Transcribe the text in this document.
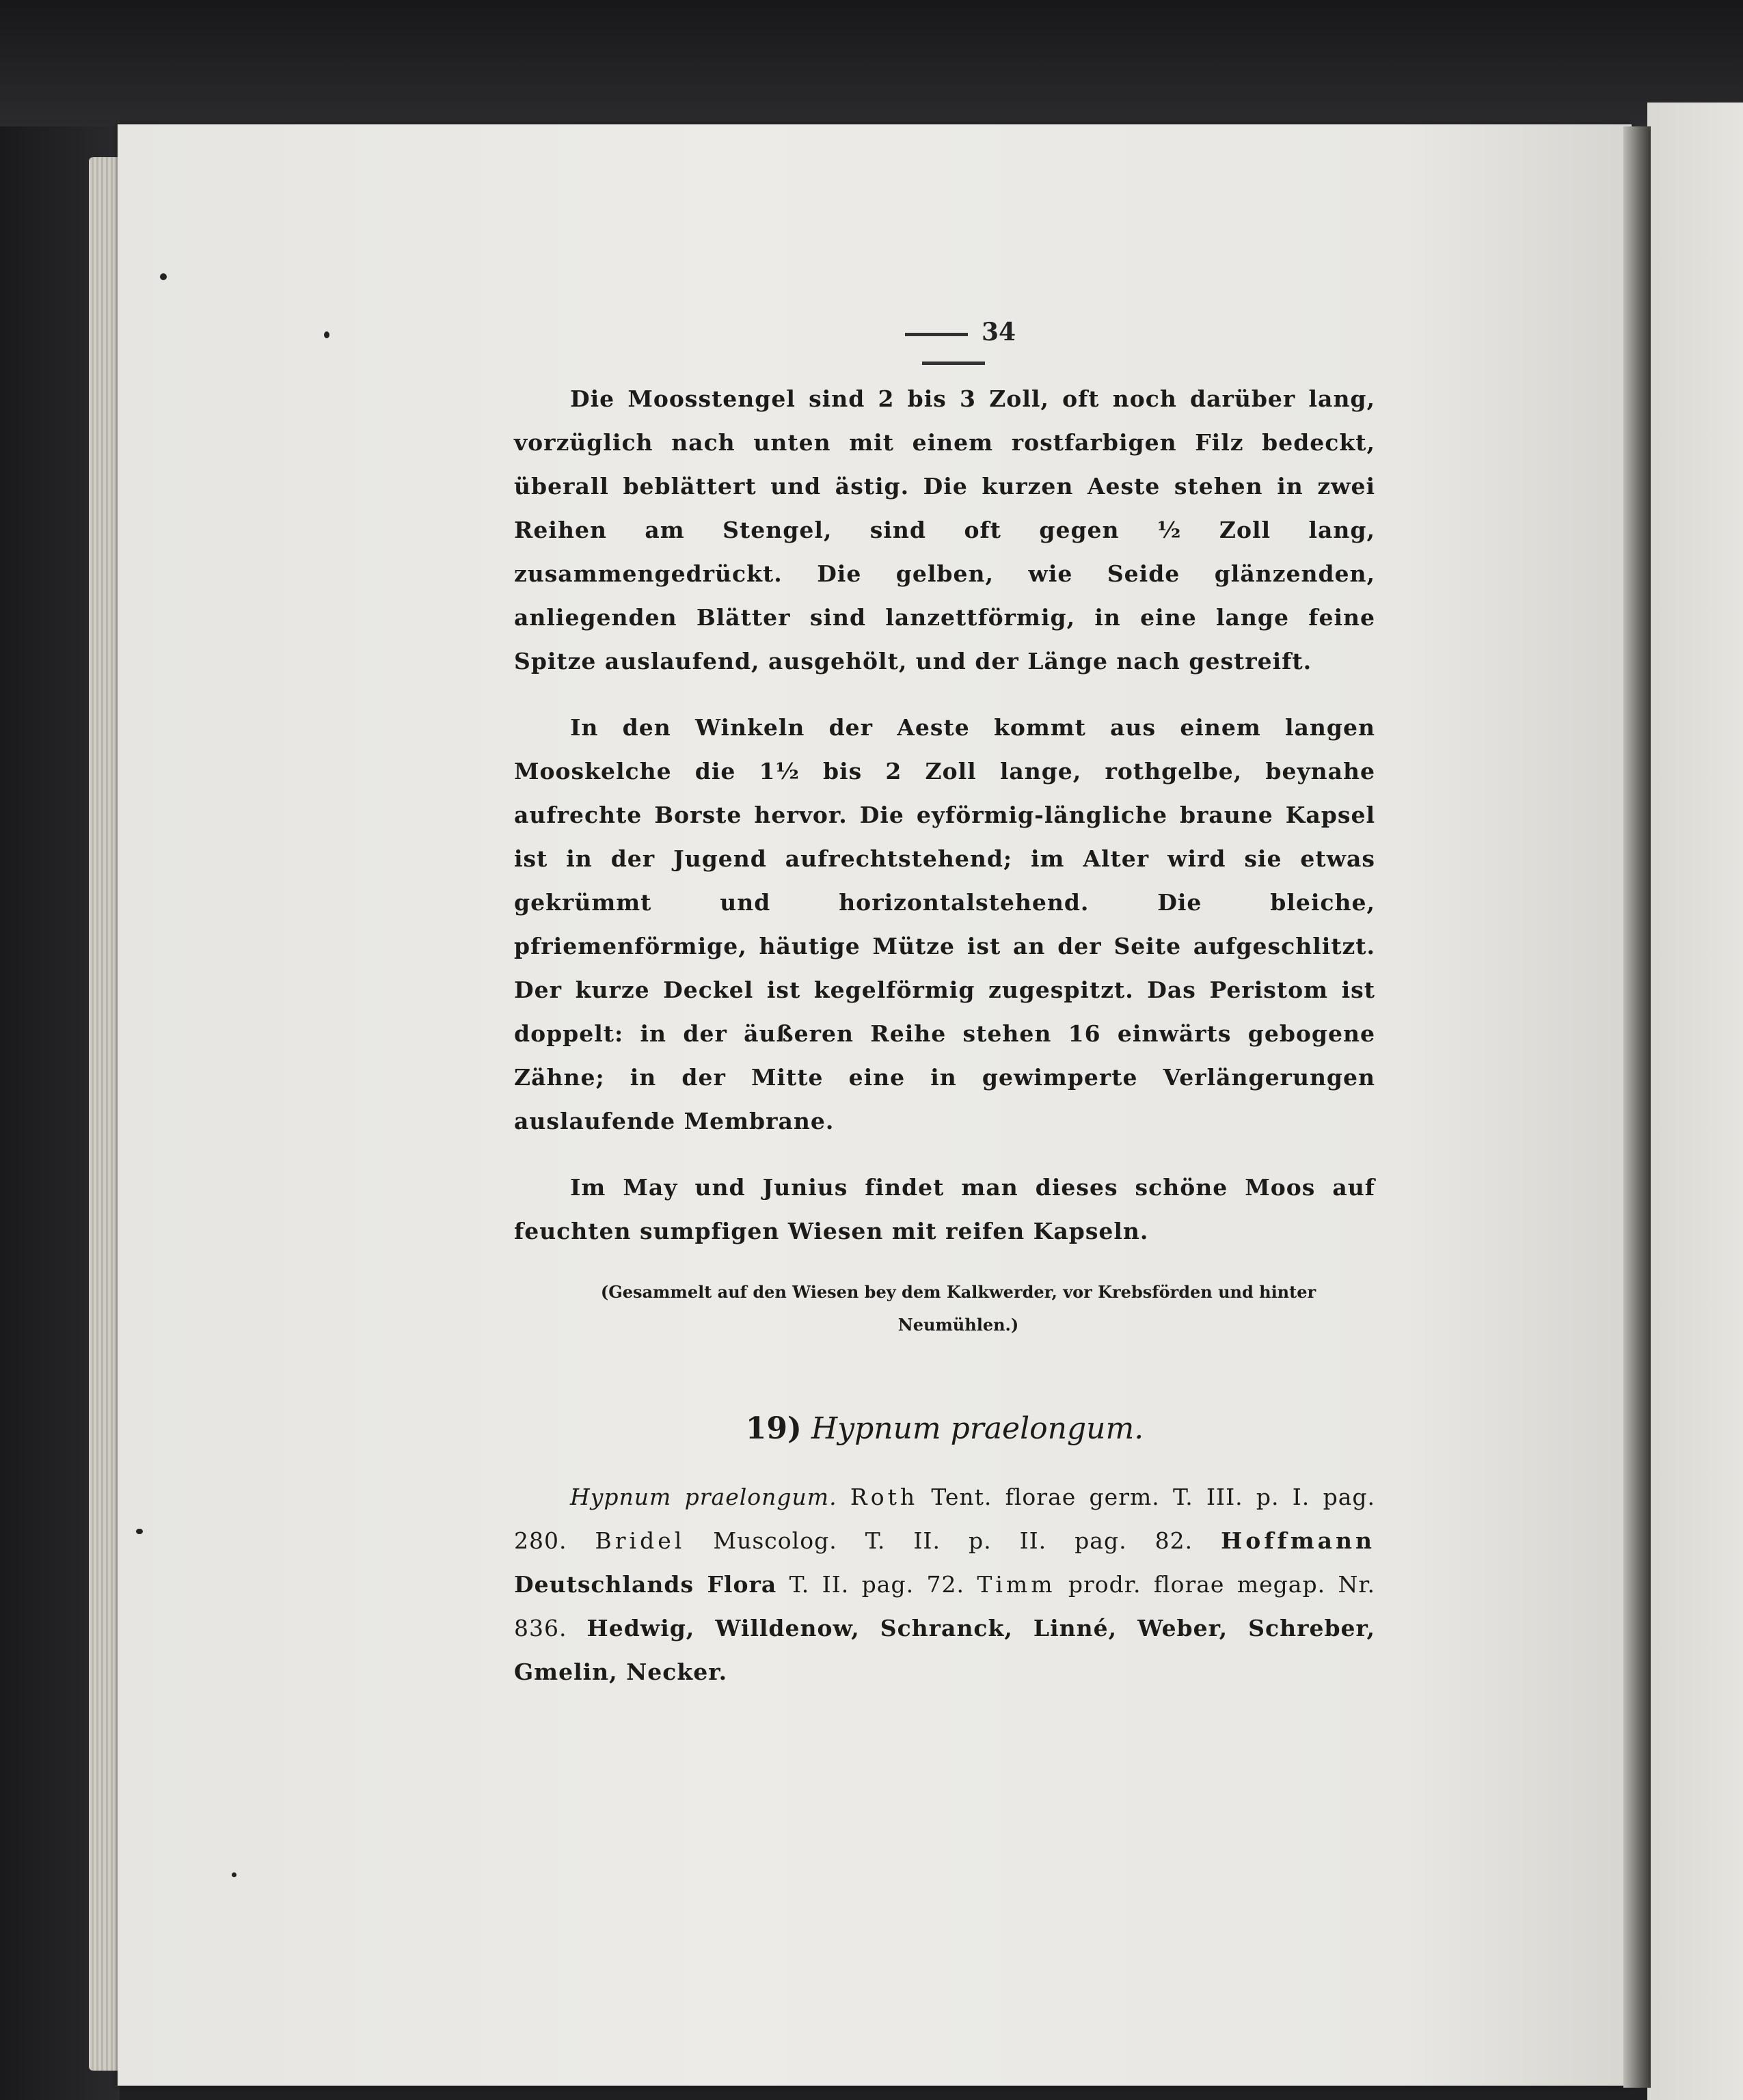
34

Die Moosstengel sind 2 bis 3 Zoll, oft noch darüber lang, vorzüglich nach unten mit einem rostfarbigen Filz bedeckt, überall beblättert und ästig. Die kurzen Aeste stehen in zwei Reihen am Stengel, sind oft gegen ½ Zoll lang, zusammengedrückt. Die gelben, wie Seide glänzenden, anliegenden Blätter sind lanzettförmig, in eine lange feine Spitze auslaufend, ausgehölt, und der Länge nach gestreift.

In den Winkeln der Aeste kommt aus einem langen Mooskelche die 1½ bis 2 Zoll lange, rothgelbe, beynahe aufrechte Borste hervor. Die eyförmig-längliche braune Kapsel ist in der Jugend aufrechtstehend; im Alter wird sie etwas gekrümmt und horizontalstehend. Die bleiche, pfriemenförmige, häutige Mütze ist an der Seite aufgeschlitzt. Der kurze Deckel ist kegelförmig zugespitzt. Das Peristom ist doppelt: in der äußeren Reihe stehen 16 einwärts gebogene Zähne; in der Mitte eine in gewimperte Verlängerungen auslaufende Membrane.

Im May und Junius findet man dieses schöne Moos auf feuchten sumpfigen Wiesen mit reifen Kapseln.

(Gesammelt auf den Wiesen bey dem Kalkwerder, vor Krebsförden und hinter
Neumühlen.)
19) Hypnum praelongum.

Hypnum praelongum. Roth Tent. florae germ. T. III. p. I. pag. 280. Bridel Muscolog. T. II. p. II. pag. 82. Hoffmann Deutschlands Flora T. II. pag. 72. Timm prodr. florae megap. Nr. 836. Hedwig, Willdenow, Schranck, Linné, Weber, Schreber, Gmelin, Necker.
